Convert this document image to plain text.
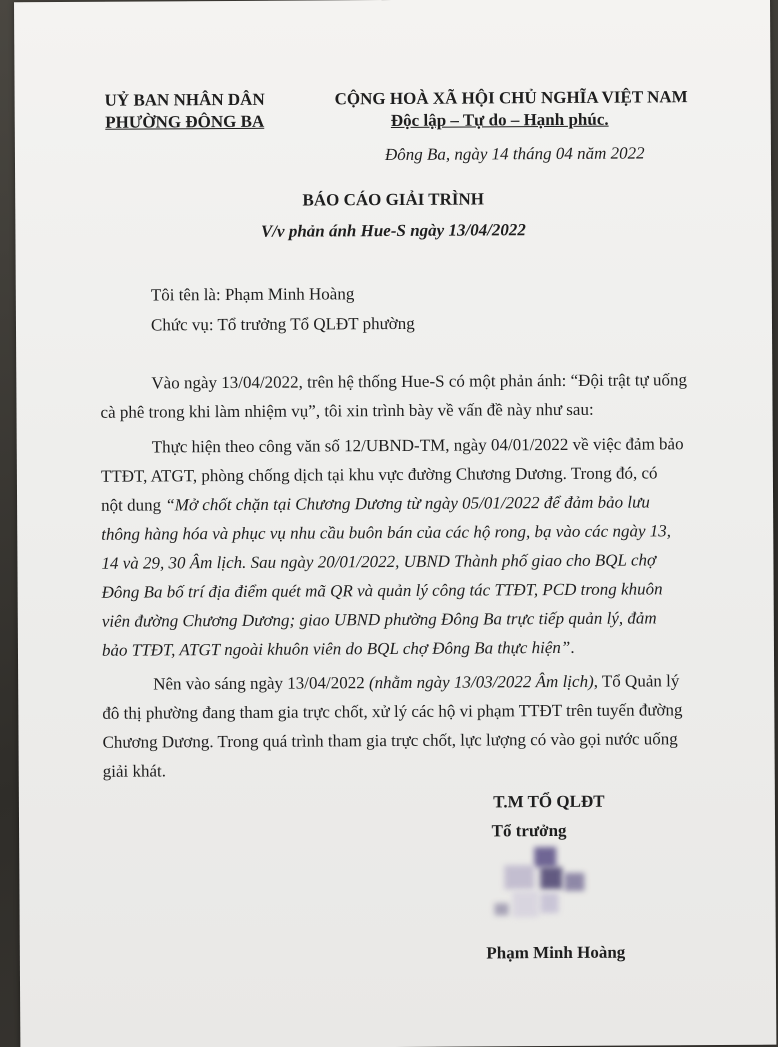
UỶ BAN NHÂN DÂN
PHƯỜNG ĐÔNG BA
CỘNG HOÀ XÃ HỘI CHỦ NGHĨA VIỆT NAM
Độc lập – Tự do – Hạnh phúc.
Đông Ba, ngày 14 tháng 04 năm 2022
BÁO CÁO GIẢI TRÌNH
V/v phản ánh Hue-S ngày 13/04/2022
Tôi tên là: Phạm Minh Hoàng
Chức vụ: Tổ trưởng Tổ QLĐT phường
Vào ngày 13/04/2022, trên hệ thống Hue-S có một phản ánh: “Đội trật tự uống
cà phê trong khi làm nhiệm vụ”, tôi xin trình bày về vấn đề này như sau:
Thực hiện theo công văn số 12/UBND-TM, ngày 04/01/2022 về việc đảm bảo
TTĐT, ATGT, phòng chống dịch tại khu vực đường Chương Dương. Trong đó, có
nột dung “Mở chốt chặn tại Chương Dương từ ngày 05/01/2022 để đảm bảo lưu
thông hàng hóa và phục vụ nhu cầu buôn bán của các hộ rong, bạ vào các ngày 13,
14 và 29, 30 Âm lịch. Sau ngày 20/01/2022, UBND Thành phố giao cho BQL chợ
Đông Ba bố trí địa điểm quét mã QR và quản lý công tác TTĐT, PCD trong khuôn
viên đường Chương Dương; giao UBND phường Đông Ba trực tiếp quản lý, đảm
bảo TTĐT, ATGT ngoài khuôn viên do BQL chợ Đông Ba thực hiện”.
Nên vào sáng ngày 13/04/2022 (nhằm ngày 13/03/2022 Âm lịch), Tổ Quản lý
đô thị phường đang tham gia trực chốt, xử lý các hộ vi phạm TTĐT trên tuyến đường
Chương Dương. Trong quá trình tham gia trực chốt, lực lượng có vào gọi nước uống
giải khát.
T.M TỔ QLĐT
Tổ trưởng
Phạm Minh Hoàng
